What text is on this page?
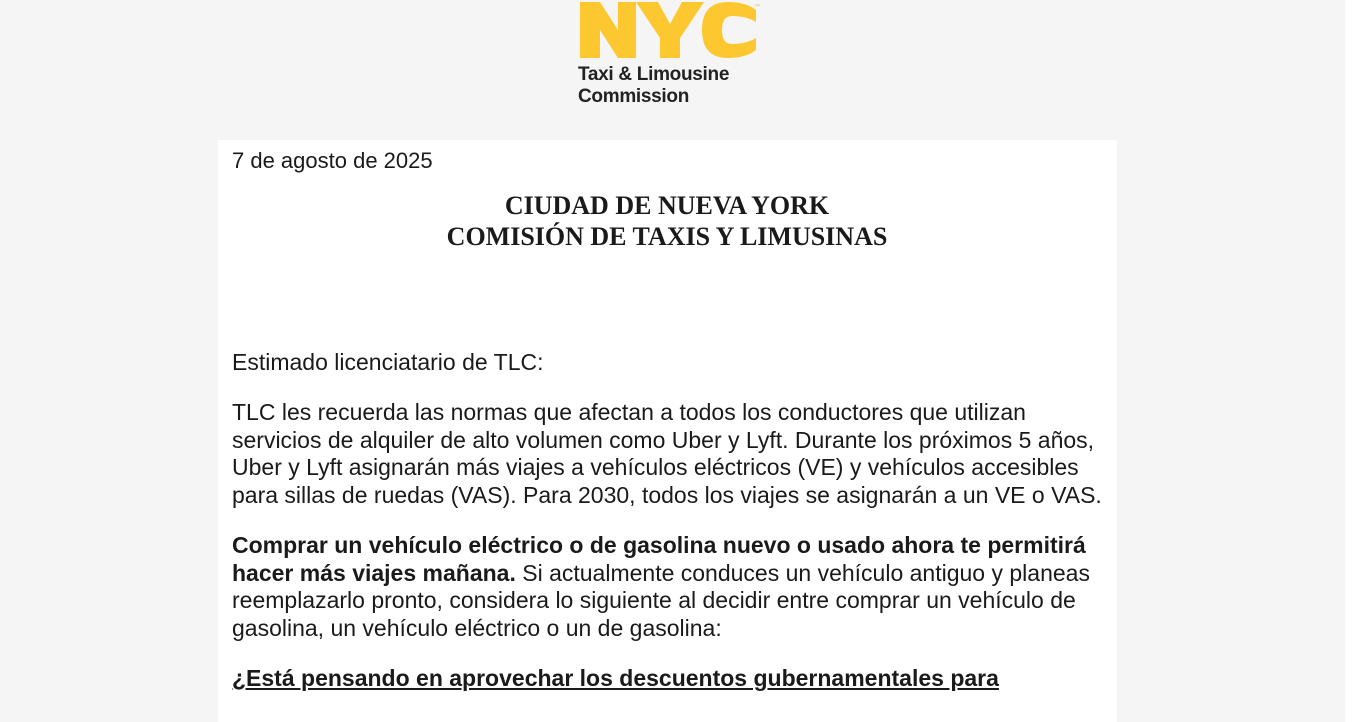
™
Taxi & Limousine
Commission

7 de agosto de 2025

CIUDAD DE NUEVA YORK
COMISIÓN DE TAXIS Y LIMUSINAS
Estimado licenciatario de TLC:
TLC les recuerda las normas que afectan a todos los conductores que utilizan servicios de alquiler de alto volumen como Uber y Lyft. Durante los próximos 5 años, Uber y Lyft asignarán más viajes a vehículos eléctricos (VE) y vehículos accesibles para sillas de ruedas (VAS). Para 2030, todos los viajes se asignarán a un VE o VAS.
Comprar un vehículo eléctrico o de gasolina nuevo o usado ahora te permitirá hacer más viajes mañana. Si actualmente conduces un vehículo antiguo y planeas reemplazarlo pronto, considera lo siguiente al decidir entre comprar un vehículo de gasolina, un vehículo eléctrico o un de gasolina:
¿Está pensando en aprovechar los descuentos gubernamentales para
